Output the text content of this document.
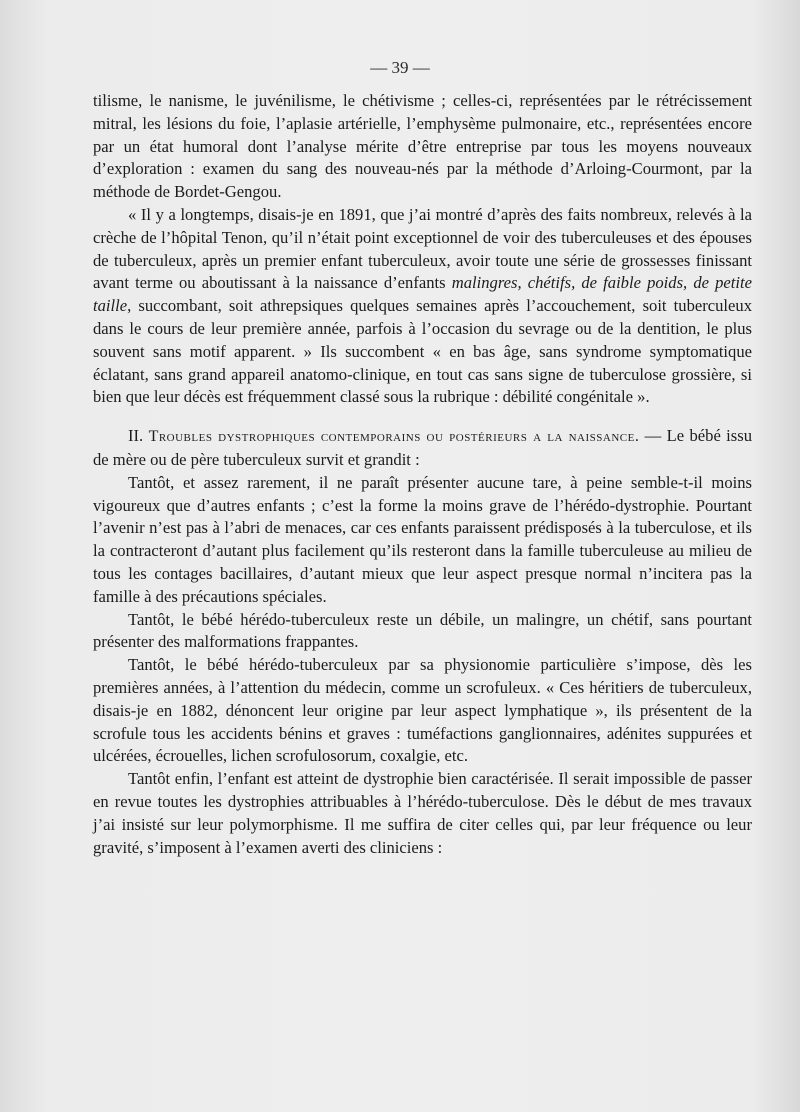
— 39 —

tilisme, le nanisme, le juvénilisme, le chétivisme ; celles-ci, représentées par le rétrécissement mitral, les lésions du foie, l’aplasie artérielle, l’emphysème pulmonaire, etc., représentées encore par un état humoral dont l’analyse mérite d’être entreprise par tous les moyens nouveaux d’exploration : examen du sang des nouveau-nés par la méthode d’Arloing-Courmont, par la méthode de Bordet-Gengou.

« Il y a longtemps, disais-je en 1891, que j’ai montré d’après des faits nombreux, relevés à la crèche de l’hôpital Tenon, qu’il n’était point exceptionnel de voir des tuberculeuses et des épouses de tuberculeux, après un premier enfant tuberculeux, avoir toute une série de grossesses finissant avant terme ou aboutissant à la naissance d’enfants malingres, chétifs, de faible poids, de petite taille, succombant, soit athrepsiques quelques semaines après l’accouchement, soit tuberculeux dans le cours de leur première année, parfois à l’occasion du sevrage ou de la dentition, le plus souvent sans motif apparent. » Ils succombent « en bas âge, sans syndrome symptomatique éclatant, sans grand appareil anatomo-clinique, en tout cas sans signe de tuberculose grossière, si bien que leur décès est fréquemment classé sous la rubrique : débilité congénitale ».

II. Troubles dystrophiques contemporains ou postérieurs a la naissance. — Le bébé issu de mère ou de père tuberculeux survit et grandit :

Tantôt, et assez rarement, il ne paraît présenter aucune tare, à peine semble-t-il moins vigoureux que d’autres enfants ; c’est la forme la moins grave de l’hérédo-dystrophie. Pourtant l’avenir n’est pas à l’abri de menaces, car ces enfants paraissent prédisposés à la tuberculose, et ils la contracteront d’autant plus facilement qu’ils resteront dans la famille tuberculeuse au milieu de tous les contages bacillaires, d’autant mieux que leur aspect presque normal n’incitera pas la famille à des précautions spéciales.

Tantôt, le bébé hérédo-tuberculeux reste un débile, un malingre, un chétif, sans pourtant présenter des malformations frappantes.

Tantôt, le bébé hérédo-tuberculeux par sa physionomie particulière s’impose, dès les premières années, à l’attention du médecin, comme un scrofuleux. « Ces héritiers de tuberculeux, disais-je en 1882, dénoncent leur origine par leur aspect lymphatique », ils présentent de la scrofule tous les accidents bénins et graves : tuméfactions ganglionnaires, adénites suppurées et ulcérées, écrouelles, lichen scrofulosorum, coxalgie, etc.

Tantôt enfin, l’enfant est atteint de dystrophie bien caractérisée. Il serait impossible de passer en revue toutes les dystrophies attribuables à l’hérédo-tuberculose. Dès le début de mes travaux j’ai insisté sur leur polymorphisme. Il me suffira de citer celles qui, par leur fréquence ou leur gravité, s’imposent à l’examen averti des cliniciens :
